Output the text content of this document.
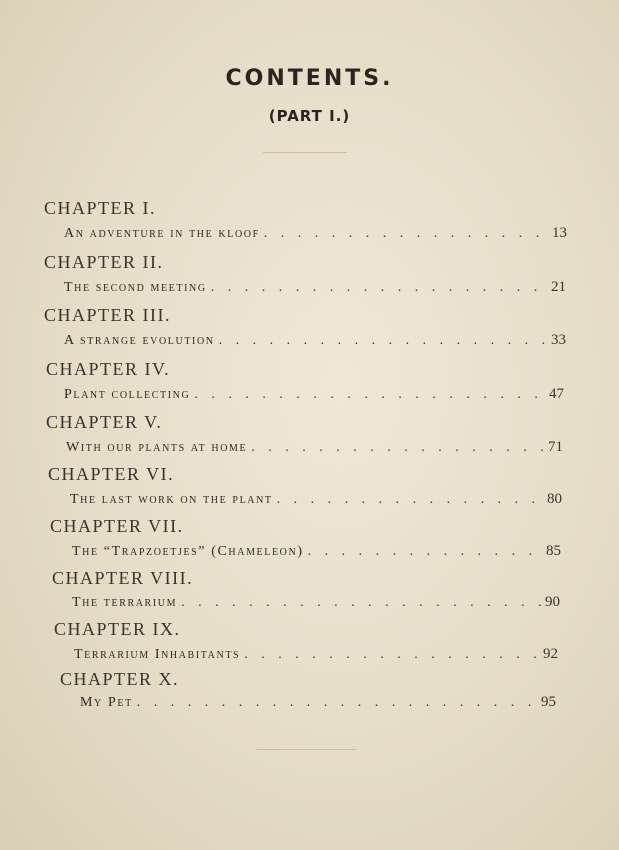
CONTENTS.
(PART I.)
CHAPTER I.
An adventure in the kloof . . .	13
CHAPTER II.
The second meeting . . .	21
CHAPTER III.
A strange evolution . . .	33
CHAPTER IV.
Plant collecting . . .	47
CHAPTER V.
With our plants at home . . .	71
CHAPTER VI.
The last work on the plant . . .	80
CHAPTER VII.
The “Trapzoetjes” (Chameleon) . . .	85
CHAPTER VIII.
The terrarium . . .	90
CHAPTER IX.
Terrarium Inhabitants . . .	92
CHAPTER X.
My Pet . . .	95
